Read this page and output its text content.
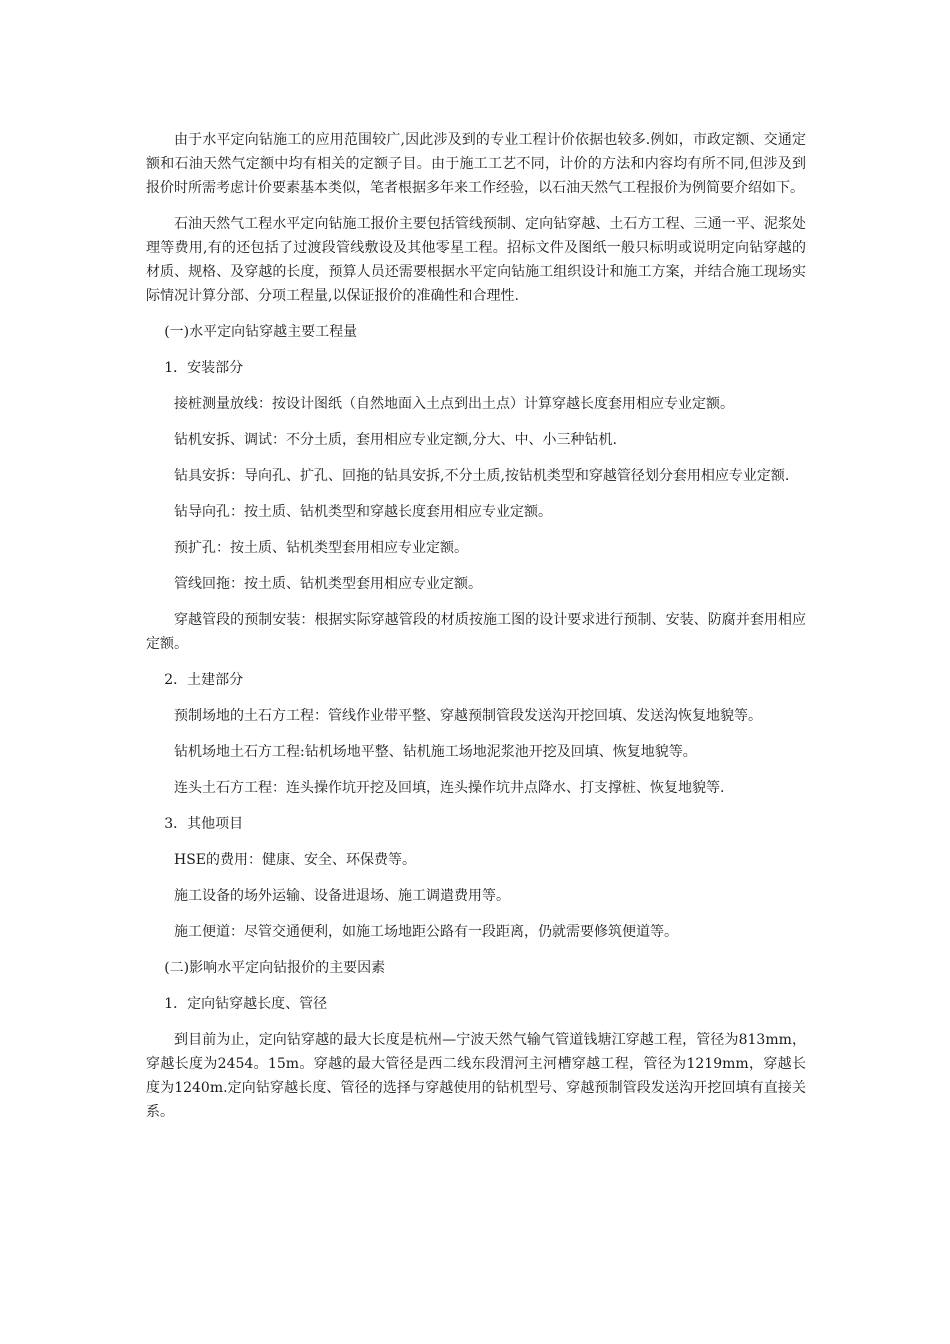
由于水平定向钻施工的应用范围较广,因此涉及到的专业工程计价依据也较多.例如，市政定额、交通定额和石油天然气定额中均有相关的定额子目。由于施工工艺不同，计价的方法和内容均有所不同,但涉及到报价时所需考虑计价要素基本类似，笔者根据多年来工作经验，以石油天然气工程报价为例简要介绍如下。

石油天然气工程水平定向钻施工报价主要包括管线预制、定向钻穿越、土石方工程、三通一平、泥浆处理等费用,有的还包括了过渡段管线敷设及其他零星工程。招标文件及图纸一般只标明或说明定向钻穿越的材质、规格、及穿越的长度，预算人员还需要根据水平定向钻施工组织设计和施工方案，并结合施工现场实际情况计算分部、分项工程量,以保证报价的准确性和合理性.

(一)水平定向钻穿越主要工程量

1．安装部分

接桩测量放线：按设计图纸（自然地面入土点到出土点）计算穿越长度套用相应专业定额。

钻机安拆、调试：不分土质，套用相应专业定额,分大、中、小三种钻机.

钻具安拆：导向孔、扩孔、回拖的钻具安拆,不分土质,按钻机类型和穿越管径划分套用相应专业定额.

钻导向孔：按土质、钻机类型和穿越长度套用相应专业定额。

预扩孔：按土质、钻机类型套用相应专业定额。

管线回拖：按土质、钻机类型套用相应专业定额。

穿越管段的预制安装：根据实际穿越管段的材质按施工图的设计要求进行预制、安装、防腐并套用相应定额。

2．土建部分

预制场地的土石方工程：管线作业带平整、穿越预制管段发送沟开挖回填、发送沟恢复地貌等。

钻机场地土石方工程:钻机场地平整、钻机施工场地泥浆池开挖及回填、恢复地貌等。

连头土石方工程：连头操作坑开挖及回填，连头操作坑井点降水、打支撑桩、恢复地貌等.

3．其他项目

HSE的费用：健康、安全、环保费等。

施工设备的场外运输、设备进退场、施工调遣费用等。

施工便道：尽管交通便利，如施工场地距公路有一段距离，仍就需要修筑便道等。

(二)影响水平定向钻报价的主要因素

1．定向钻穿越长度、管径

到目前为止，定向钻穿越的最大长度是杭州—宁波天然气输气管道钱塘江穿越工程，管径为813mm，穿越长度为2454。15m。穿越的最大管径是西二线东段渭河主河槽穿越工程，管径为1219mm，穿越长度为1240m.定向钻穿越长度、管径的选择与穿越使用的钻机型号、穿越预制管段发送沟开挖回填有直接关系。
